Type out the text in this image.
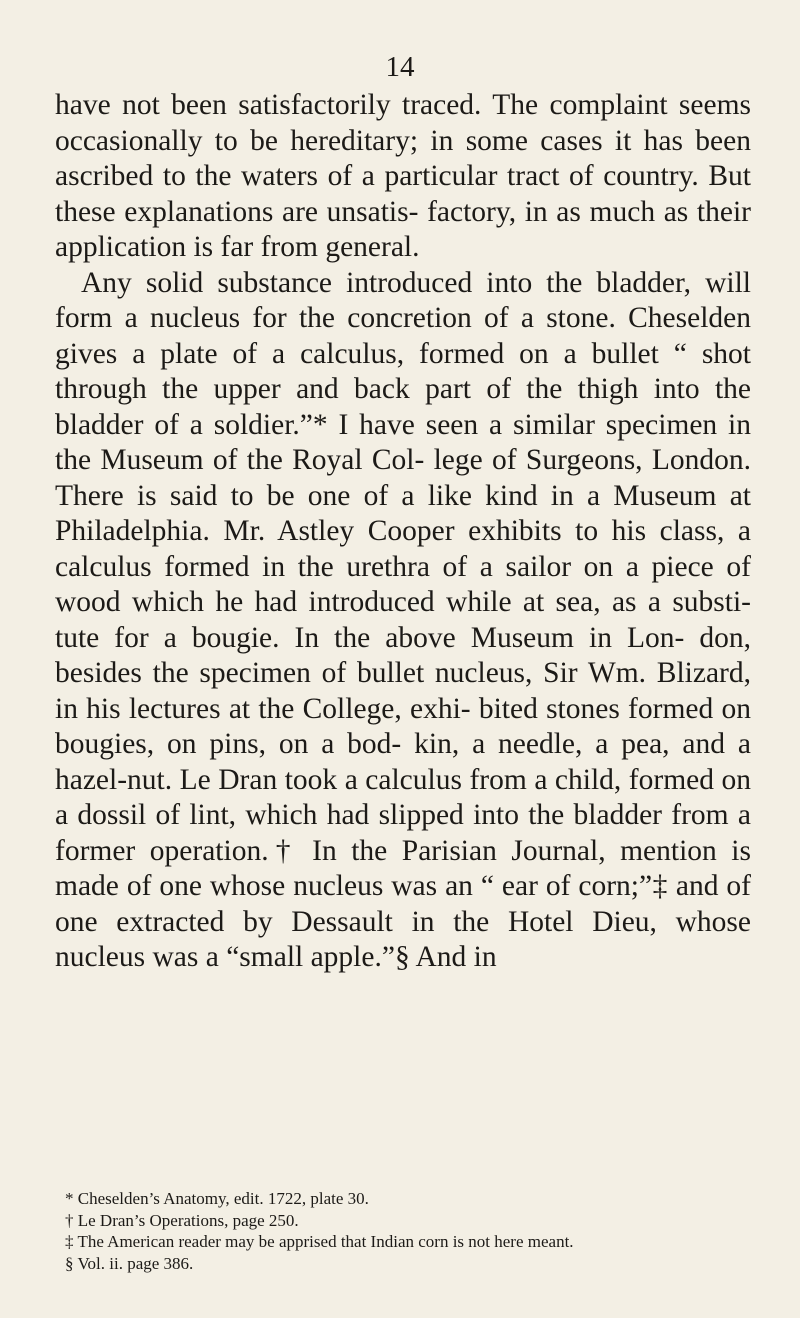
14

have not been satisfactorily traced. The complaint seems occasionally to be hereditary; in some cases it has been ascribed to the waters of a particular tract of country. But these explanations are unsatis- factory, in as much as their application is far from general.

Any solid substance introduced into the bladder, will form a nucleus for the concretion of a stone. Cheselden gives a plate of a calculus, formed on a bullet “ shot through the upper and back part of the thigh into the bladder of a soldier.”* I have seen a similar specimen in the Museum of the Royal Col- lege of Surgeons, London. There is said to be one of a like kind in a Museum at Philadelphia. Mr. Astley Cooper exhibits to his class, a calculus formed in the urethra of a sailor on a piece of wood which he had introduced while at sea, as a substi- tute for a bougie. In the above Museum in Lon- don, besides the specimen of bullet nucleus, Sir Wm. Blizard, in his lectures at the College, exhi- bited stones formed on bougies, on pins, on a bod- kin, a needle, a pea, and a hazel-nut. Le Dran took a calculus from a child, formed on a dossil of lint, which had slipped into the bladder from a former operation.† In the Parisian Journal, mention is made of one whose nucleus was an “ ear of corn;”‡ and of one extracted by Dessault in the Hotel Dieu, whose nucleus was a “small apple.”§ And in

* Cheselden’s Anatomy, edit. 1722, plate 30.
† Le Dran’s Operations, page 250.
‡ The American reader may be apprised that Indian corn is not here meant.
§ Vol. ii. page 386.
